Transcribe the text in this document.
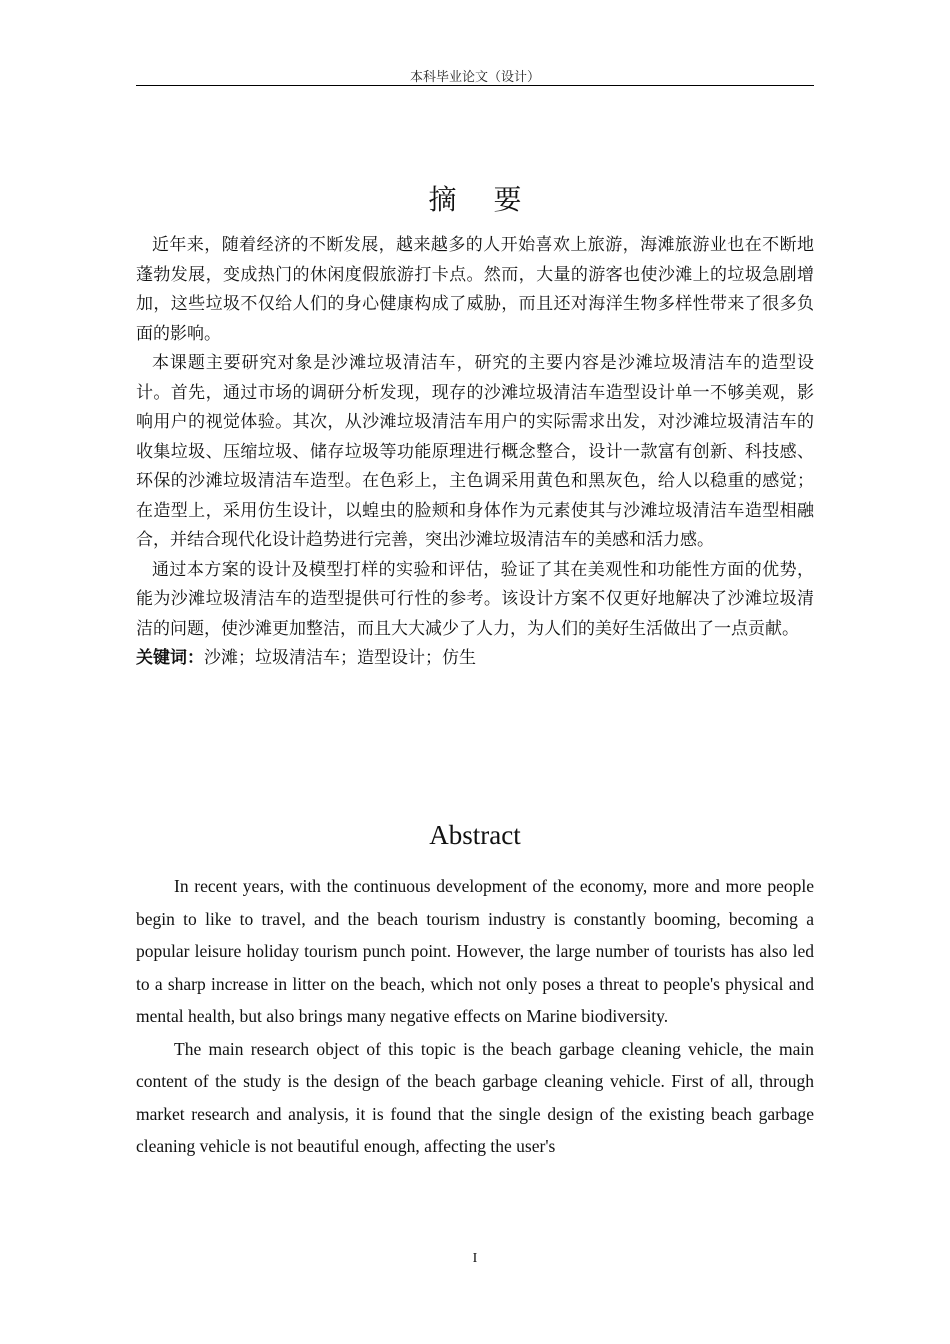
本科毕业论文（设计）
摘 要

近年来，随着经济的不断发展，越来越多的人开始喜欢上旅游，海滩旅游业也在不断地蓬勃发展，变成热门的休闲度假旅游打卡点。然而，大量的游客也使沙滩上的垃圾急剧增加，这些垃圾不仅给人们的身心健康构成了威胁，而且还对海洋生物多样性带来了很多负面的影响。

本课题主要研究对象是沙滩垃圾清洁车，研究的主要内容是沙滩垃圾清洁车的造型设计。首先，通过市场的调研分析发现，现存的沙滩垃圾清洁车造型设计单一不够美观，影响用户的视觉体验。其次，从沙滩垃圾清洁车用户的实际需求出发，对沙滩垃圾清洁车的收集垃圾、压缩垃圾、储存垃圾等功能原理进行概念整合，设计一款富有创新、科技感、环保的沙滩垃圾清洁车造型。在色彩上，主色调采用黄色和黑灰色，给人以稳重的感觉；在造型上，采用仿生设计，以蝗虫的脸颊和身体作为元素使其与沙滩垃圾清洁车造型相融合，并结合现代化设计趋势进行完善，突出沙滩垃圾清洁车的美感和活力感。

通过本方案的设计及模型打样的实验和评估，验证了其在美观性和功能性方面的优势，能为沙滩垃圾清洁车的造型提供可行性的参考。该设计方案不仅更好地解决了沙滩垃圾清洁的问题，使沙滩更加整洁，而且大大减少了人力，为人们的美好生活做出了一点贡献。

关键词：沙滩；垃圾清洁车；造型设计；仿生
Abstract

In recent years, with the continuous development of the economy, more and more people begin to like to travel, and the beach tourism industry is constantly booming, becoming a popular leisure holiday tourism punch point. However, the large number of tourists has also led to a sharp increase in litter on the beach, which not only poses a threat to people's physical and mental health, but also brings many negative effects on Marine biodiversity.

The main research object of this topic is the beach garbage cleaning vehicle, the main content of the study is the design of the beach garbage cleaning vehicle. First of all, through market research and analysis, it is found that the single design of the existing beach garbage cleaning vehicle is not beautiful enough, affecting the user's

I
